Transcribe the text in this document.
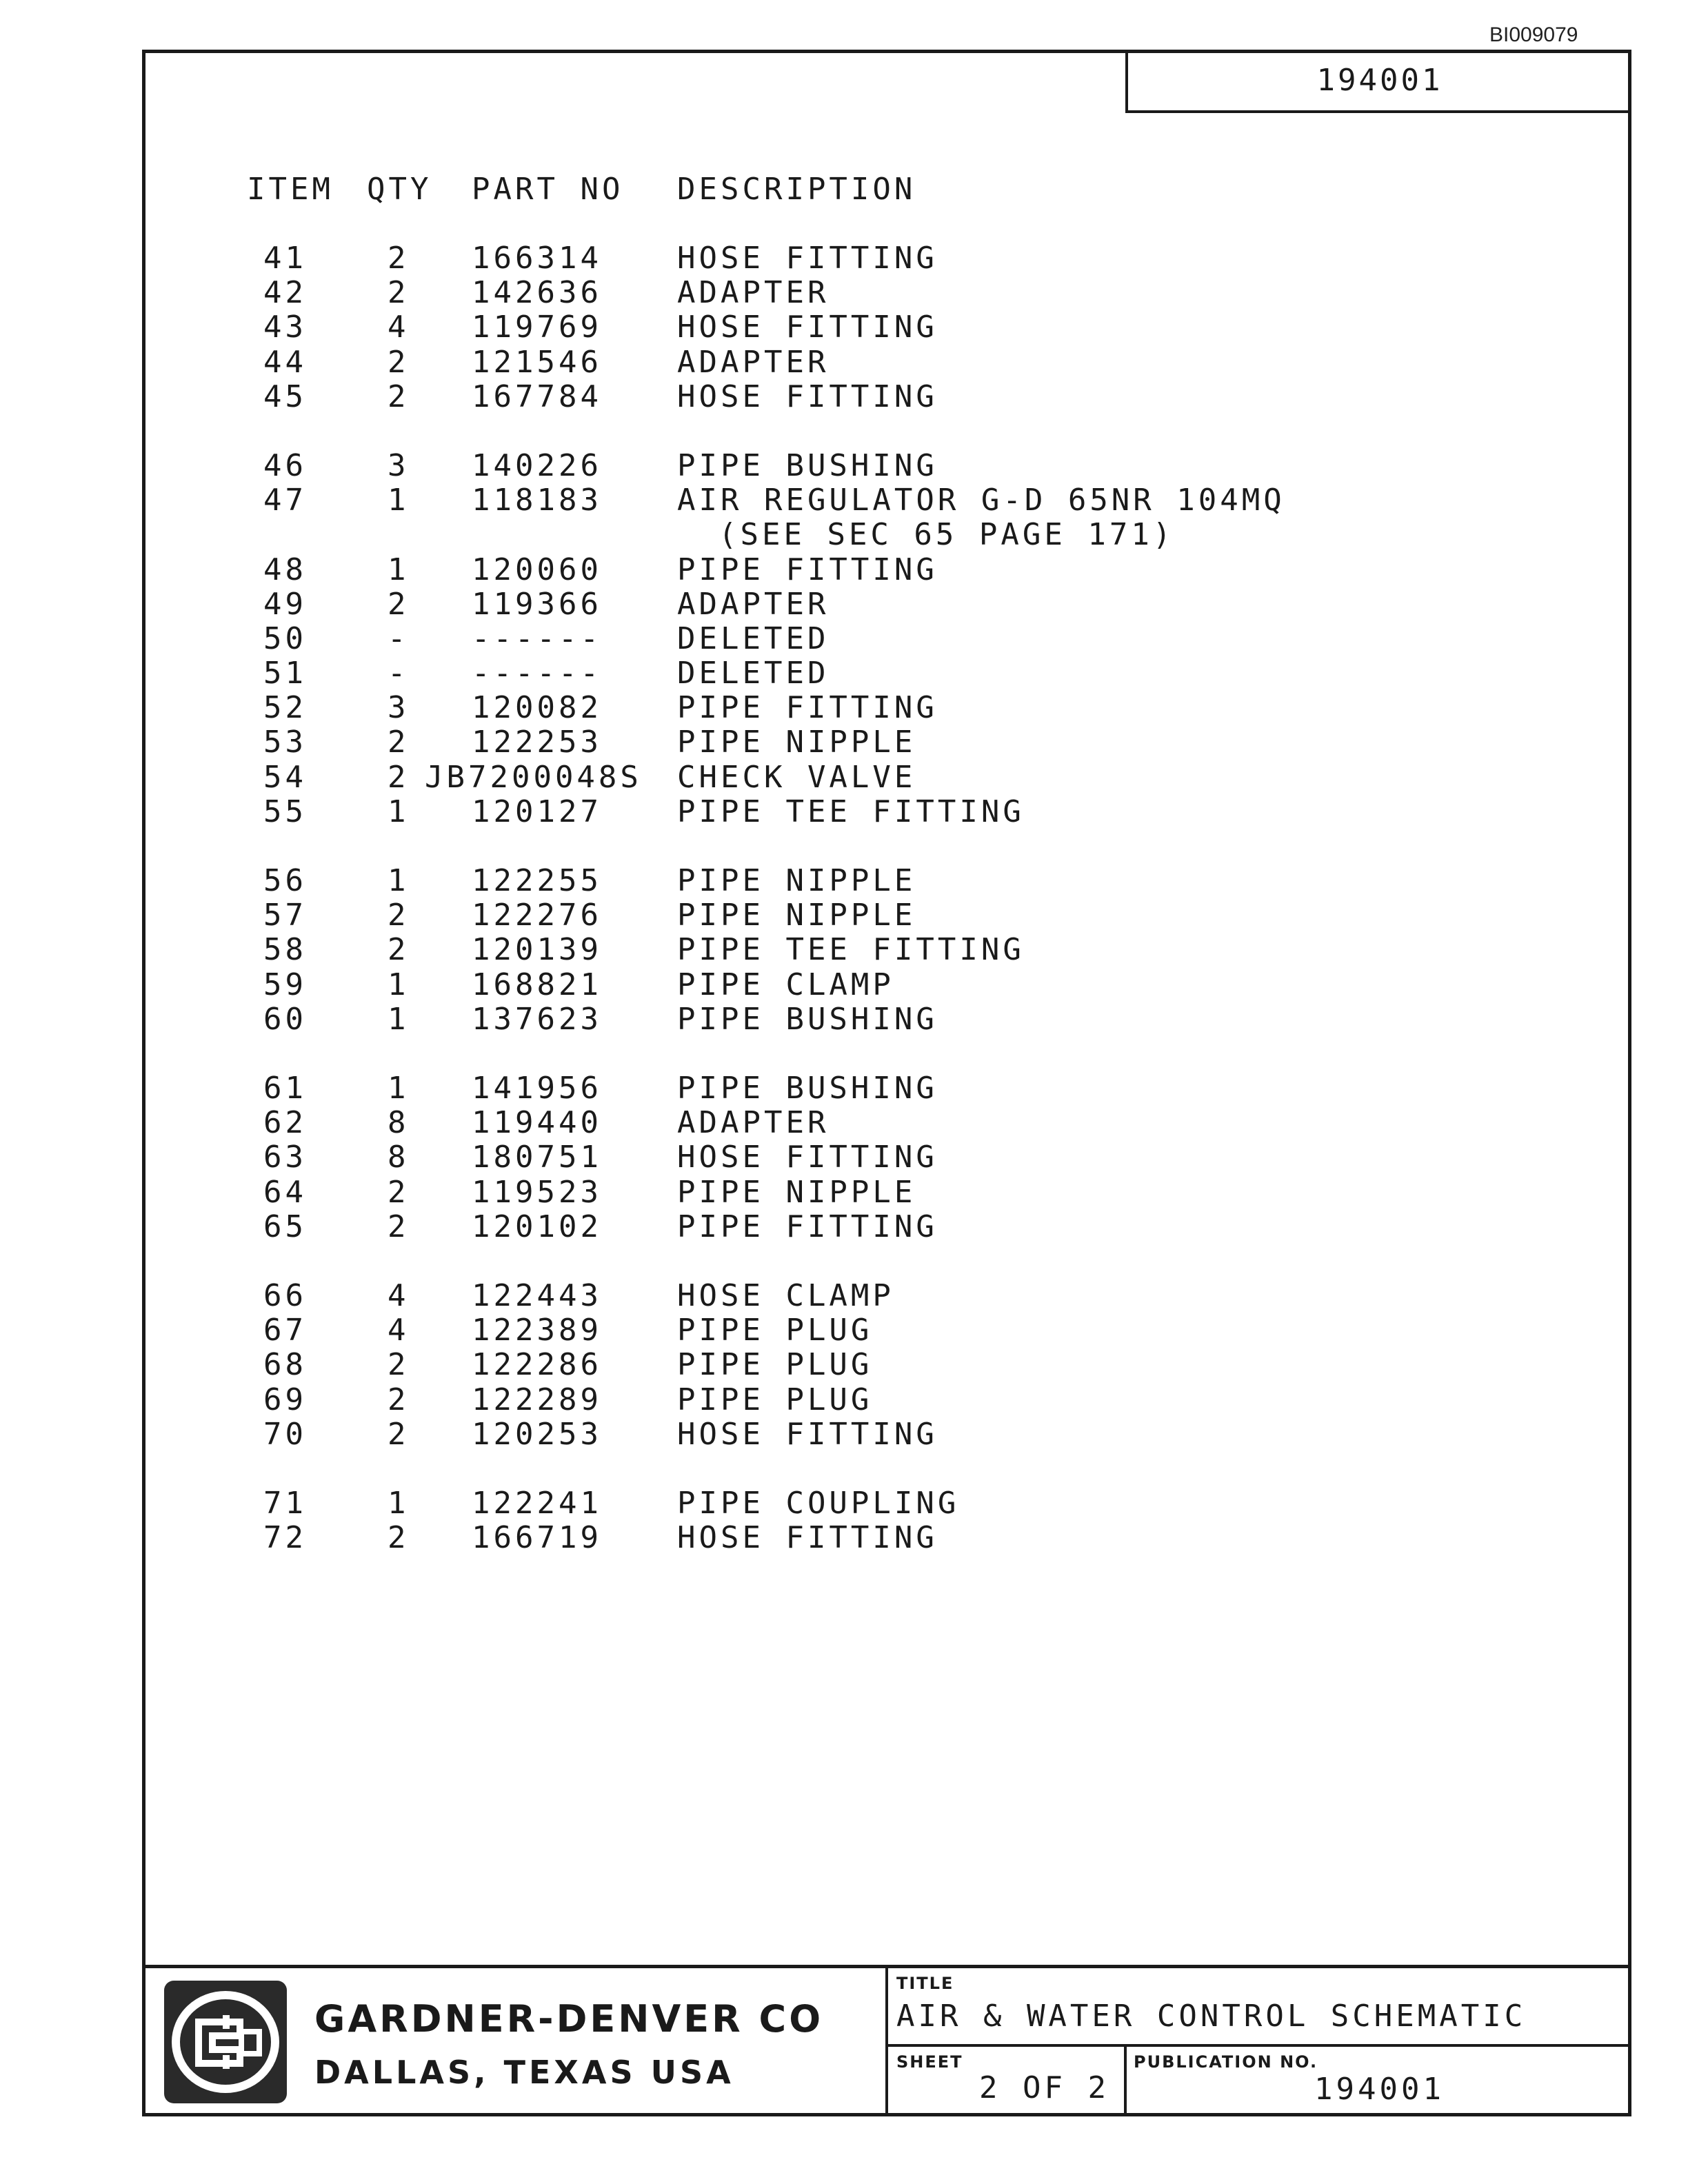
BI009079
194001
ITEM QTY PART NO DESCRIPTION
41	2 166314 HOSE FITTING
42	2 142636 ADAPTER
43	4 119769 HOSE FITTING
44	2 121546 ADAPTER
45	2 167784 HOSE FITTING
46	3 140226 PIPE BUSHING
47	1 118183 AIR REGULATOR G-D 65NR 104MQ
(SEE SEC 65 PAGE 171)
48	1 120060 PIPE FITTING
49	2 119366 ADAPTER
50	- ------ DELETED
51	- ------ DELETED
52	3 120082 PIPE FITTING
53	2 122253 PIPE NIPPLE
54	2 JB7200048S CHECK VALVE
55	1 120127 PIPE TEE FITTING
56	1 122255 PIPE NIPPLE
57	2 122276 PIPE NIPPLE
58	2 120139 PIPE TEE FITTING
59	1 168821 PIPE CLAMP
60	1 137623 PIPE BUSHING
61	1 141956 PIPE BUSHING
62	8 119440 ADAPTER
63	8 180751 HOSE FITTING
64	2 119523 PIPE NIPPLE
65	2 120102 PIPE FITTING
66	4 122443 HOSE CLAMP
67	4 122389 PIPE PLUG
68	2 122286 PIPE PLUG
69	2 122289 PIPE PLUG
70	2 120253 HOSE FITTING
71	1 122241 PIPE COUPLING
72	2 166719 HOSE FITTING
GARDNER-DENVER CO
DALLAS, TEXAS USA
TITLE
AIR & WATER CONTROL SCHEMATIC
SHEET
2 OF 2
PUBLICATION NO.
194001
